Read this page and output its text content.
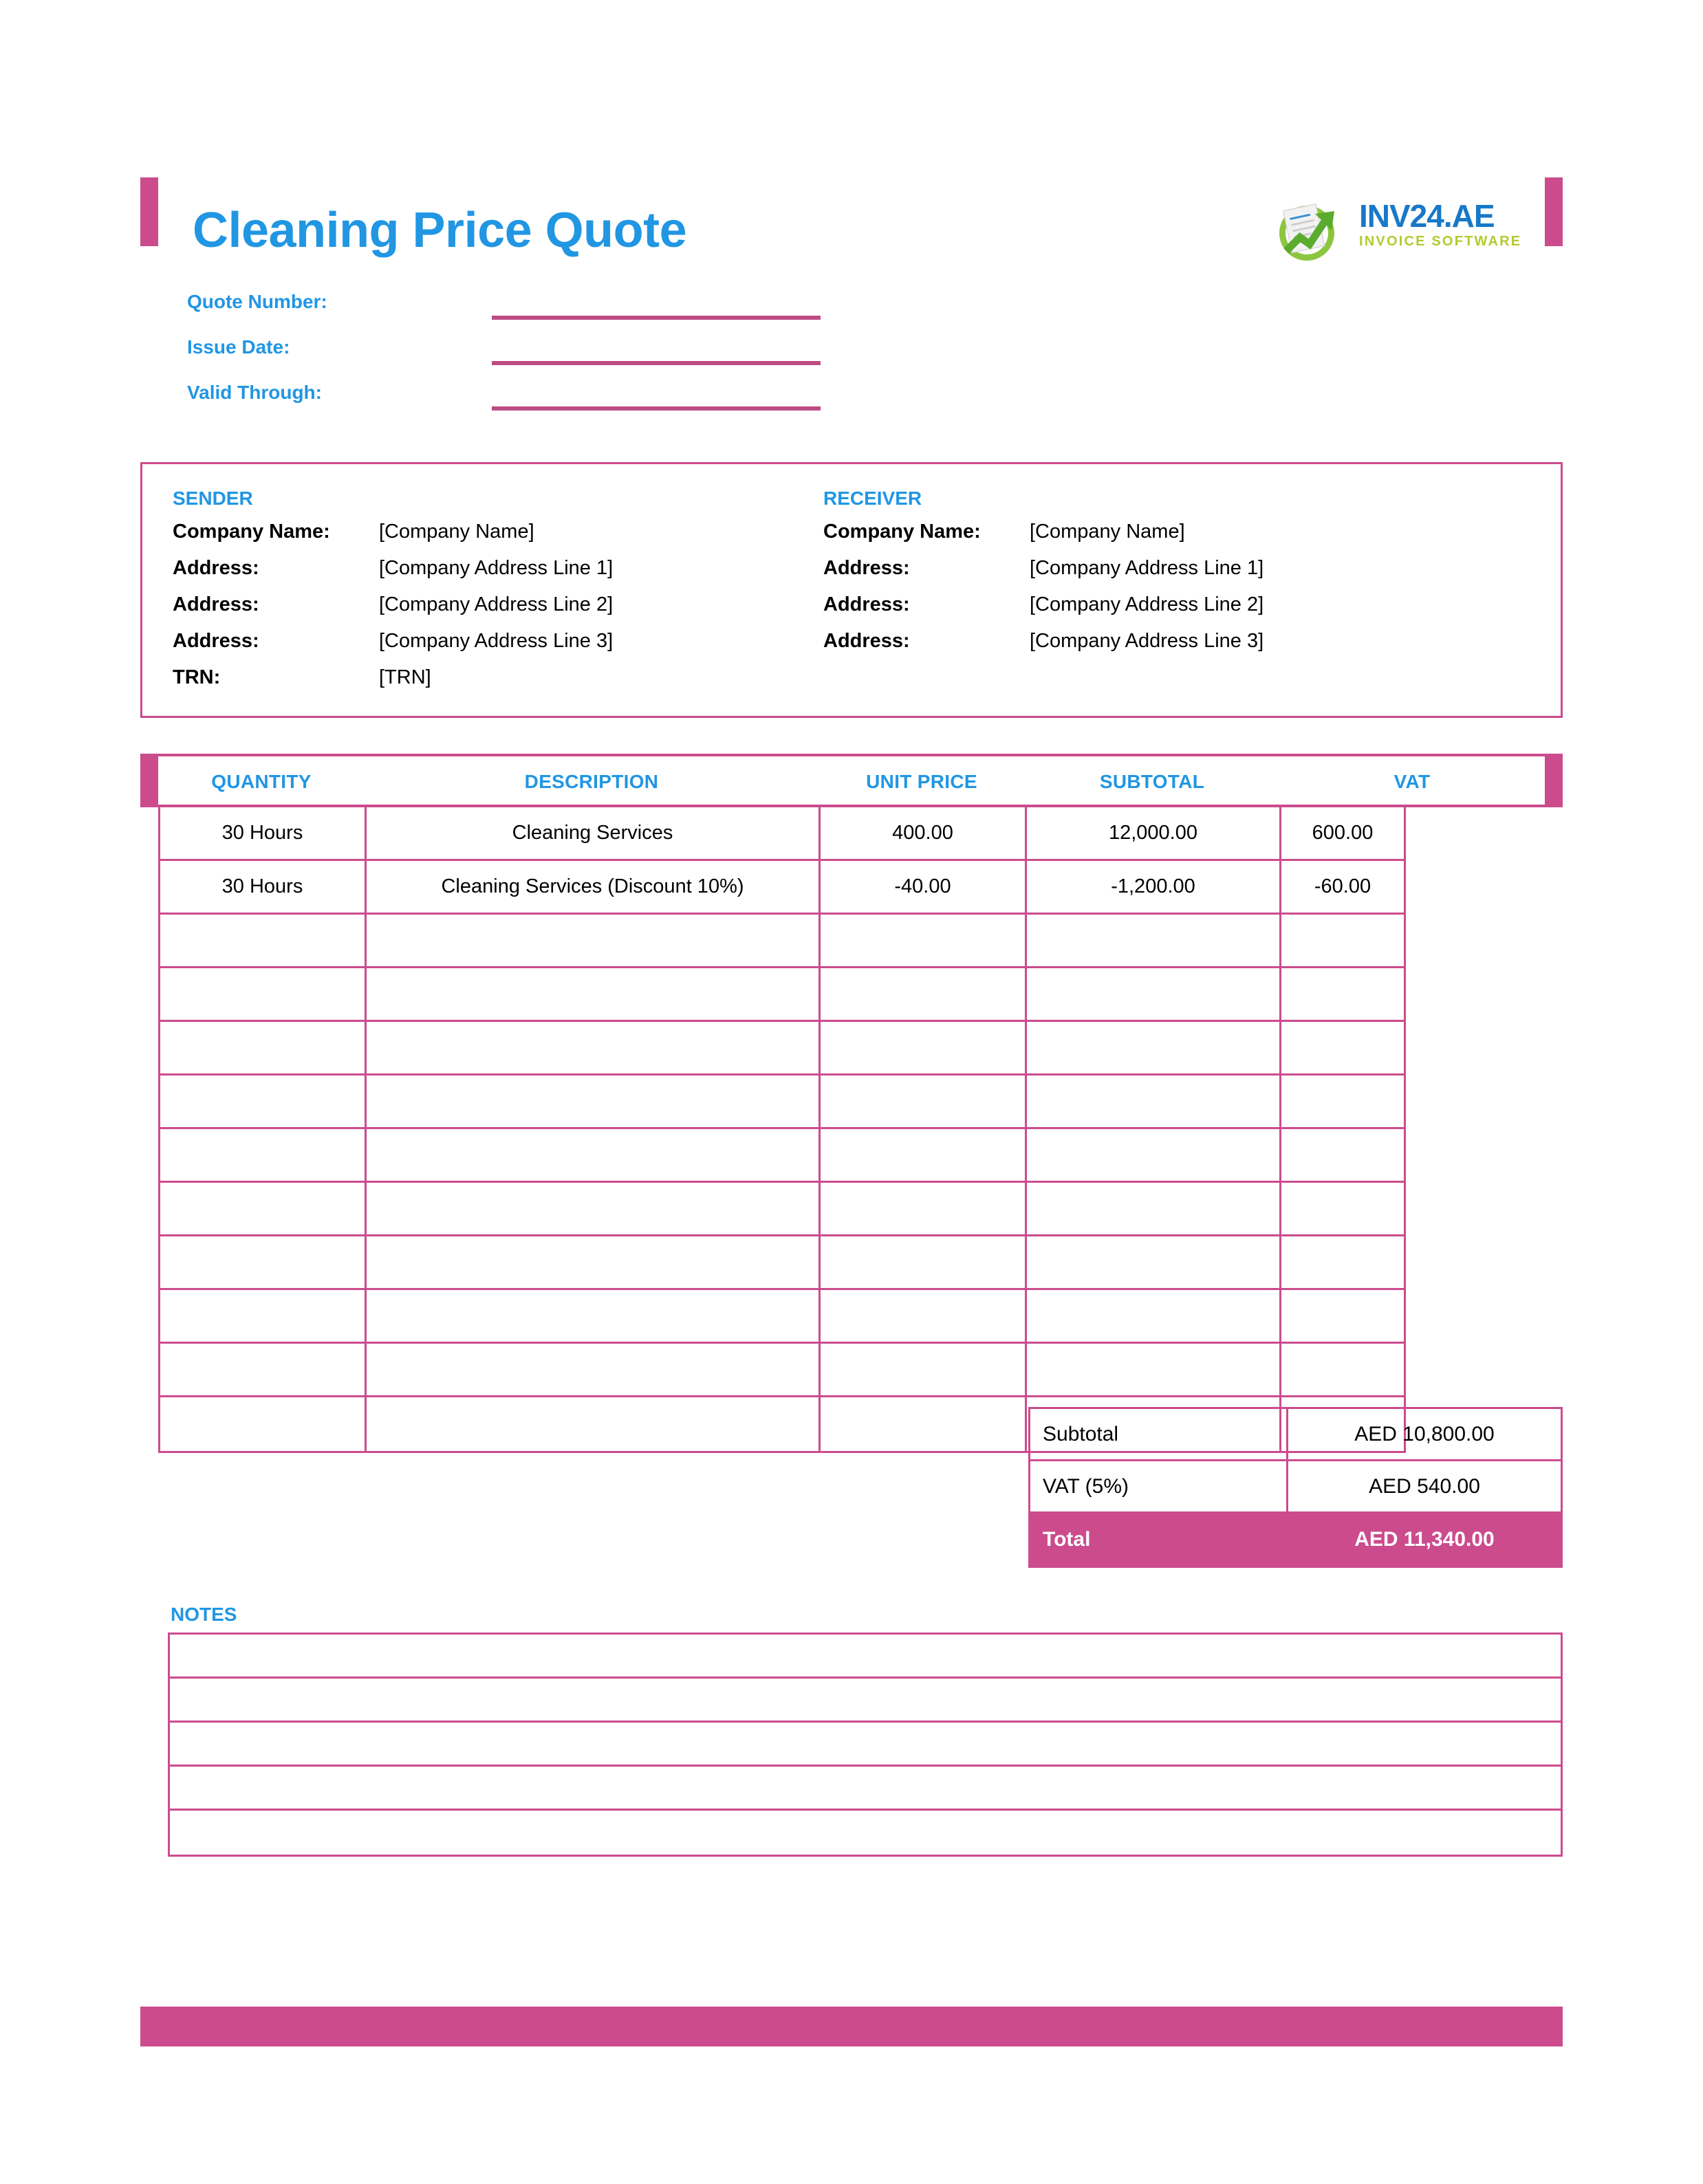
Cleaning Price Quote	INV24.AE
INVOICE SOFTWARE
Quote Number:
Issue Date:
Valid Through:
SENDER
Company Name: [Company Name]
Address:	[Company Address Line 1]
Address:	[Company Address Line 2]
Address:	[Company Address Line 3]
TRN:	[TRN]
RECEIVER
Company Name: [Company Name]
Address:	[Company Address Line 1]
Address:	[Company Address Line 2]
Address:	[Company Address Line 3]
QUANTITY	DESCRIPTION	UNIT PRICE	SUBTOTAL	VAT
30 Hours	Cleaning Services	400.00	12,000.00	600.00
30 Hours	Cleaning Services (Discount 10%)	-40.00	-1,200.00	-60.00
Subtotal	AED 10,800.00
VAT (5%)	AED 540.00
Total	AED 11,340.00
NOTES
